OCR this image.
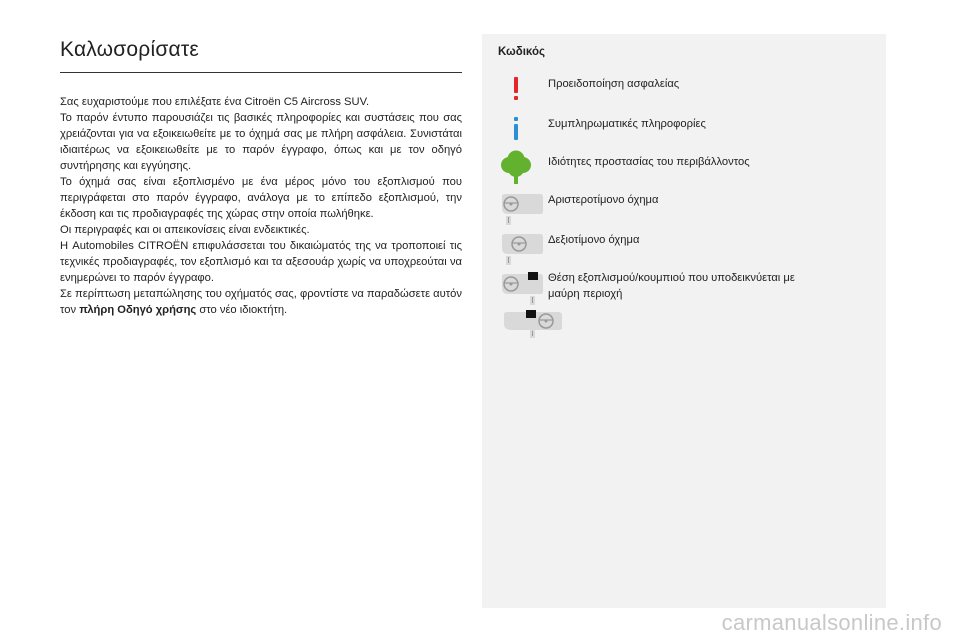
Καλωσορίσατε

Σας ευχαριστούμε που επιλέξατε ένα Citroën C5 Aircross SUV.

Το παρόν έντυπο παρουσιάζει τις βασικές πληροφορίες και συστάσεις που σας χρειάζονται για να εξοικειωθείτε με το όχημά σας με πλήρη ασφάλεια. Συνιστάται ιδιαιτέρως να εξοικειωθείτε με το παρόν έγγραφο, όπως και με τον οδηγό συντήρησης και εγγύησης.

Το όχημά σας είναι εξοπλισμένο με ένα μέρος μόνο του εξοπλισμού που περιγράφεται στο παρόν έγγραφο, ανάλογα με το επίπεδο εξοπλισμού, την έκδοση και τις προδιαγραφές της χώρας στην οποία πωλήθηκε.

Οι περιγραφές και οι απεικονίσεις είναι ενδεικτικές.

Η Automobiles CITROËN επιφυλάσσεται του δικαιώματός της να τροποποιεί τις τεχνικές προδιαγραφές, τον εξοπλισμό και τα αξεσουάρ χωρίς να υποχρεούται να ενημερώνει το παρόν έγγραφο.

Σε περίπτωση μεταπώλησης του οχήματός σας, φροντίστε να παραδώσετε αυτόν τον πλήρη Οδηγό χρήσης στο νέο ιδιοκτήτη.

Κωδικός
Προειδοποίηση ασφαλείας
Συμπληρωματικές πληροφορίες
Ιδιότητες προστασίας του περιβάλλοντος
Αριστεροτίμονο όχημα
Δεξιοτίμονο όχημα
Θέση εξοπλισμού/κουμπιού που υποδεικνύεται με μαύρη περιοχή
carmanualsonline.info
